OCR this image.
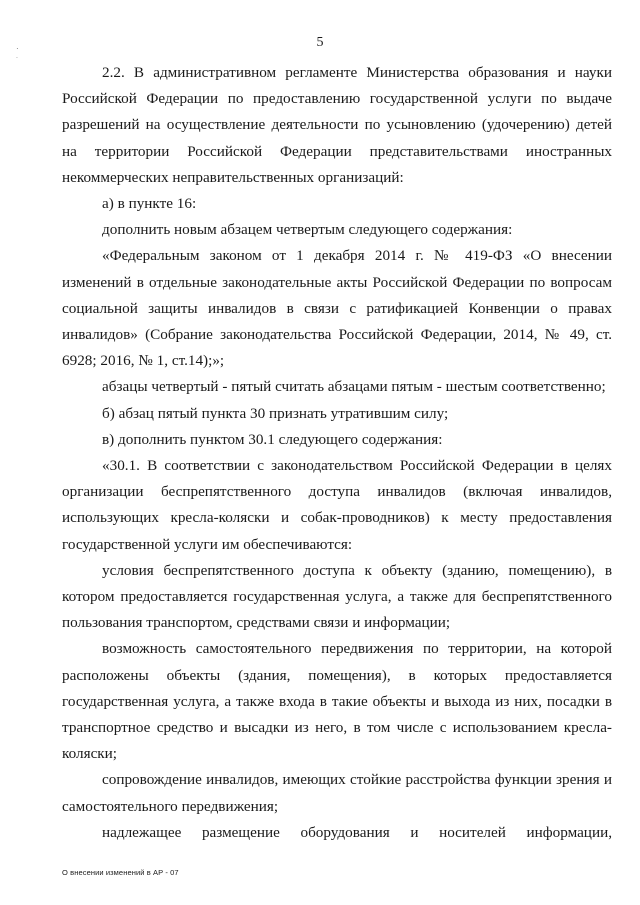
·
˙
5

2.2. В административном регламенте Министерства образования и науки Российской Федерации по предоставлению государственной услуги по выдаче разрешений на осуществление деятельности по усыновлению (удочерению) детей на территории Российской Федерации представительствами иностранных некоммерческих неправительственных организаций:

а) в пункте 16:

дополнить новым абзацем четвертым следующего содержания:

«Федеральным законом от 1 декабря 2014 г. № 419-ФЗ «О внесении изменений в отдельные законодательные акты Российской Федерации по вопросам социальной защиты инвалидов в связи с ратификацией Конвенции о правах инвалидов» (Собрание законодательства Российской Федерации, 2014, № 49, ст. 6928; 2016, № 1, ст.14);»;

абзацы четвертый - пятый считать абзацами пятым - шестым соответственно;

б) абзац пятый пункта 30 признать утратившим силу;

в) дополнить пунктом 30.1 следующего содержания:

«30.1. В соответствии с законодательством Российской Федерации в целях организации беспрепятственного доступа инвалидов (включая инвалидов, использующих кресла-коляски и собак-проводников) к месту предоставления государственной услуги им обеспечиваются:

условия беспрепятственного доступа к объекту (зданию, помещению), в котором предоставляется государственная услуга, а также для беспрепятственного пользования транспортом, средствами связи и информации;

возможность самостоятельного передвижения по территории, на которой расположены объекты (здания, помещения), в которых предоставляется государственная услуга, а также входа в такие объекты и выхода из них, посадки в транспортное средство и высадки из него, в том числе с использованием кресла-коляски;

сопровождение инвалидов, имеющих стойкие расстройства функции зрения и самостоятельного передвижения;

надлежащее размещение оборудования и носителей информации,

О внесении изменений в АР - 07
